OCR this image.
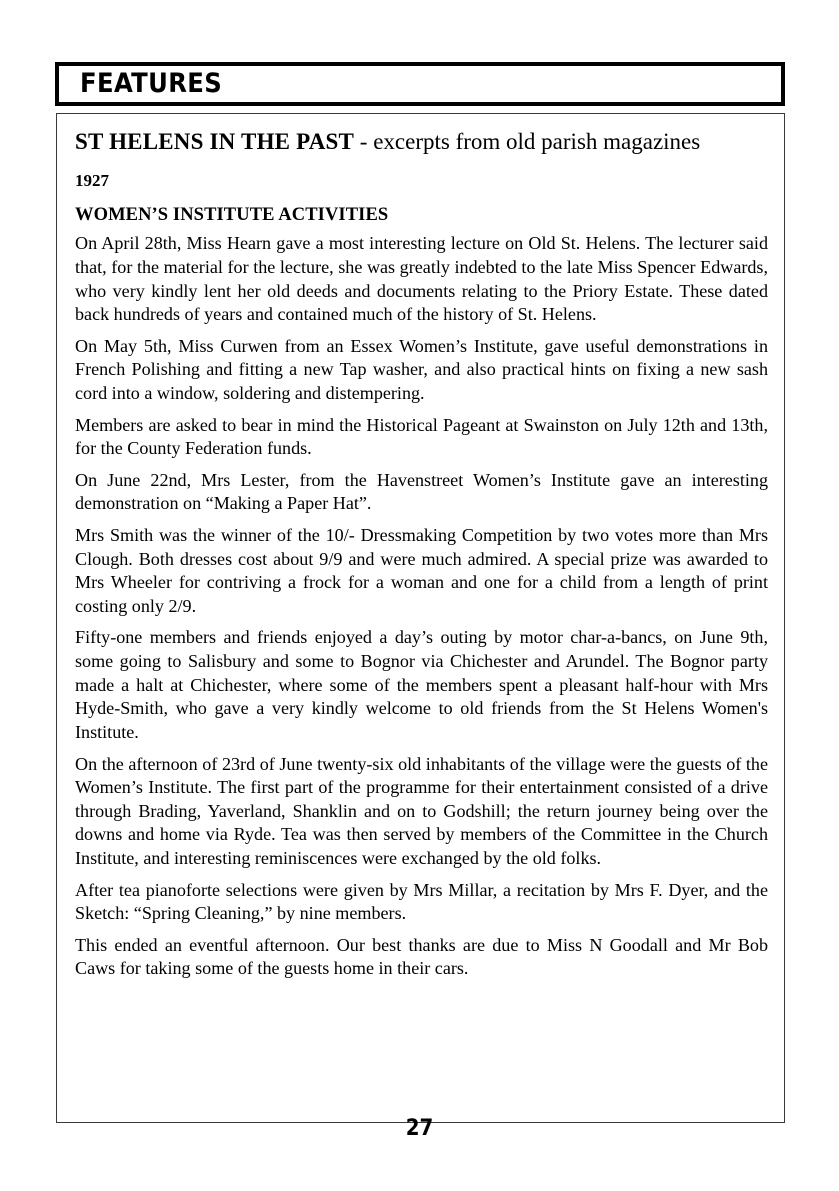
FEATURES
ST HELENS IN THE PAST - excerpts from old parish magazines
1927
WOMEN’S INSTITUTE ACTIVITIES

On April 28th, Miss Hearn gave a most interesting lecture on Old St. Helens. The lecturer said that, for the material for the lecture, she was greatly indebted to the late Miss Spencer Edwards, who very kindly lent her old deeds and documents relating to the Priory Estate. These dated back hundreds of years and contained much of the history of St. Helens.

On May 5th, Miss Curwen from an Essex Women’s Institute, gave useful demonstrations in French Polishing and fitting a new Tap washer, and also practical hints on fixing a new sash cord into a window, soldering and distempering.

Members are asked to bear in mind the Historical Pageant at Swainston on July 12th and 13th, for the County Federation funds.

On June 22nd, Mrs Lester, from the Havenstreet Women’s Institute gave an interesting demonstration on “Making a Paper Hat”.

Mrs Smith was the winner of the 10/- Dressmaking Competition by two votes more than Mrs Clough. Both dresses cost about 9/9 and were much admired. A special prize was awarded to Mrs Wheeler for contriving a frock for a woman and one for a child from a length of print costing only 2/9.

Fifty-one members and friends enjoyed a day’s outing by motor char-a-bancs, on June 9th, some going to Salisbury and some to Bognor via Chichester and Arundel. The Bognor party made a halt at Chichester, where some of the members spent a pleasant half-hour with Mrs Hyde-Smith, who gave a very kindly welcome to old friends from the St Helens Women's Institute.

On the afternoon of 23rd of June twenty-six old inhabitants of the village were the guests of the Women’s Institute. The first part of the programme for their entertainment consisted of a drive through Brading, Yaverland, Shanklin and on to Godshill; the return journey being over the downs and home via Ryde. Tea was then served by members of the Committee in the Church Institute, and interesting reminiscences were exchanged by the old folks.

After tea pianoforte selections were given by Mrs Millar, a recitation by Mrs F. Dyer, and the Sketch: “Spring Cleaning,” by nine members.

This ended an eventful afternoon. Our best thanks are due to Miss N Goodall and Mr Bob Caws for taking some of the guests home in their cars.

27
